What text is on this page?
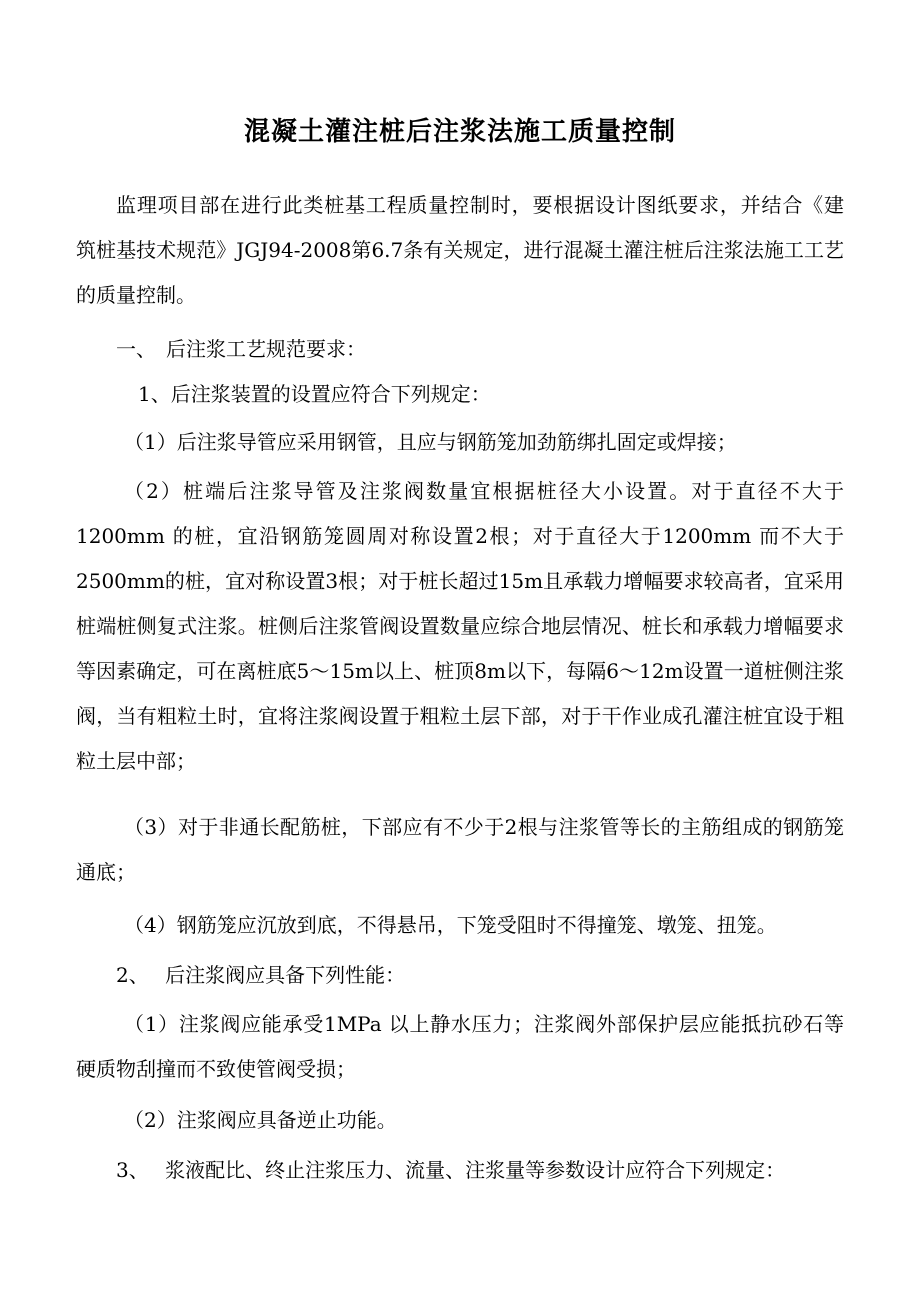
混凝土灌注桩后注浆法施工质量控制

监理项目部在进行此类桩基工程质量控制时，要根据设计图纸要求，并结合《建　筑桩基技术规范》JGJ94-2008第6.7条有关规定，进行混凝土灌注桩后注浆法施工工艺的质量控制。

一、　后注浆工艺规范要求：

1、后注浆装置的设置应符合下列规定：

（1）后注浆导管应采用钢管，且应与钢筋笼加劲筋绑扎固定或焊接；

（2）桩端后注浆导管及注浆阀数量宜根据桩径大小设置。对于直径不大于1200mm 的桩，宜沿钢筋笼圆周对称设置2根；对于直径大于1200mm 而不大于2500mm的桩，宜对称设置3根；对于桩长超过15m且承载力增幅要求较高者，宜采用桩端桩侧复式注浆。桩侧后注浆管阀设置数量应综合地层情况、桩长和承载力增幅要求等因素确定，可在离桩底5～15m以上、桩顶8m以下，每隔6～12m设置一道桩侧注浆阀，当有粗粒土时，宜将注浆阀设置于粗粒土层下部，对于干作业成孔灌注桩宜设于粗粒土层中部；

（3）对于非通长配筋桩，下部应有不少于2根与注浆管等长的主筋组成的钢筋笼通底；

（4）钢筋笼应沉放到底，不得悬吊，下笼受阻时不得撞笼、墩笼、扭笼。

2、　 后注浆阀应具备下列性能：

（1）注浆阀应能承受1MPa 以上静水压力；注浆阀外部保护层应能抵抗砂石等 硬质物刮撞而不致使管阀受损；

（2）注浆阀应具备逆止功能。

3、　 浆液配比、终止注浆压力、流量、注浆量等参数设计应符合下列规定：
